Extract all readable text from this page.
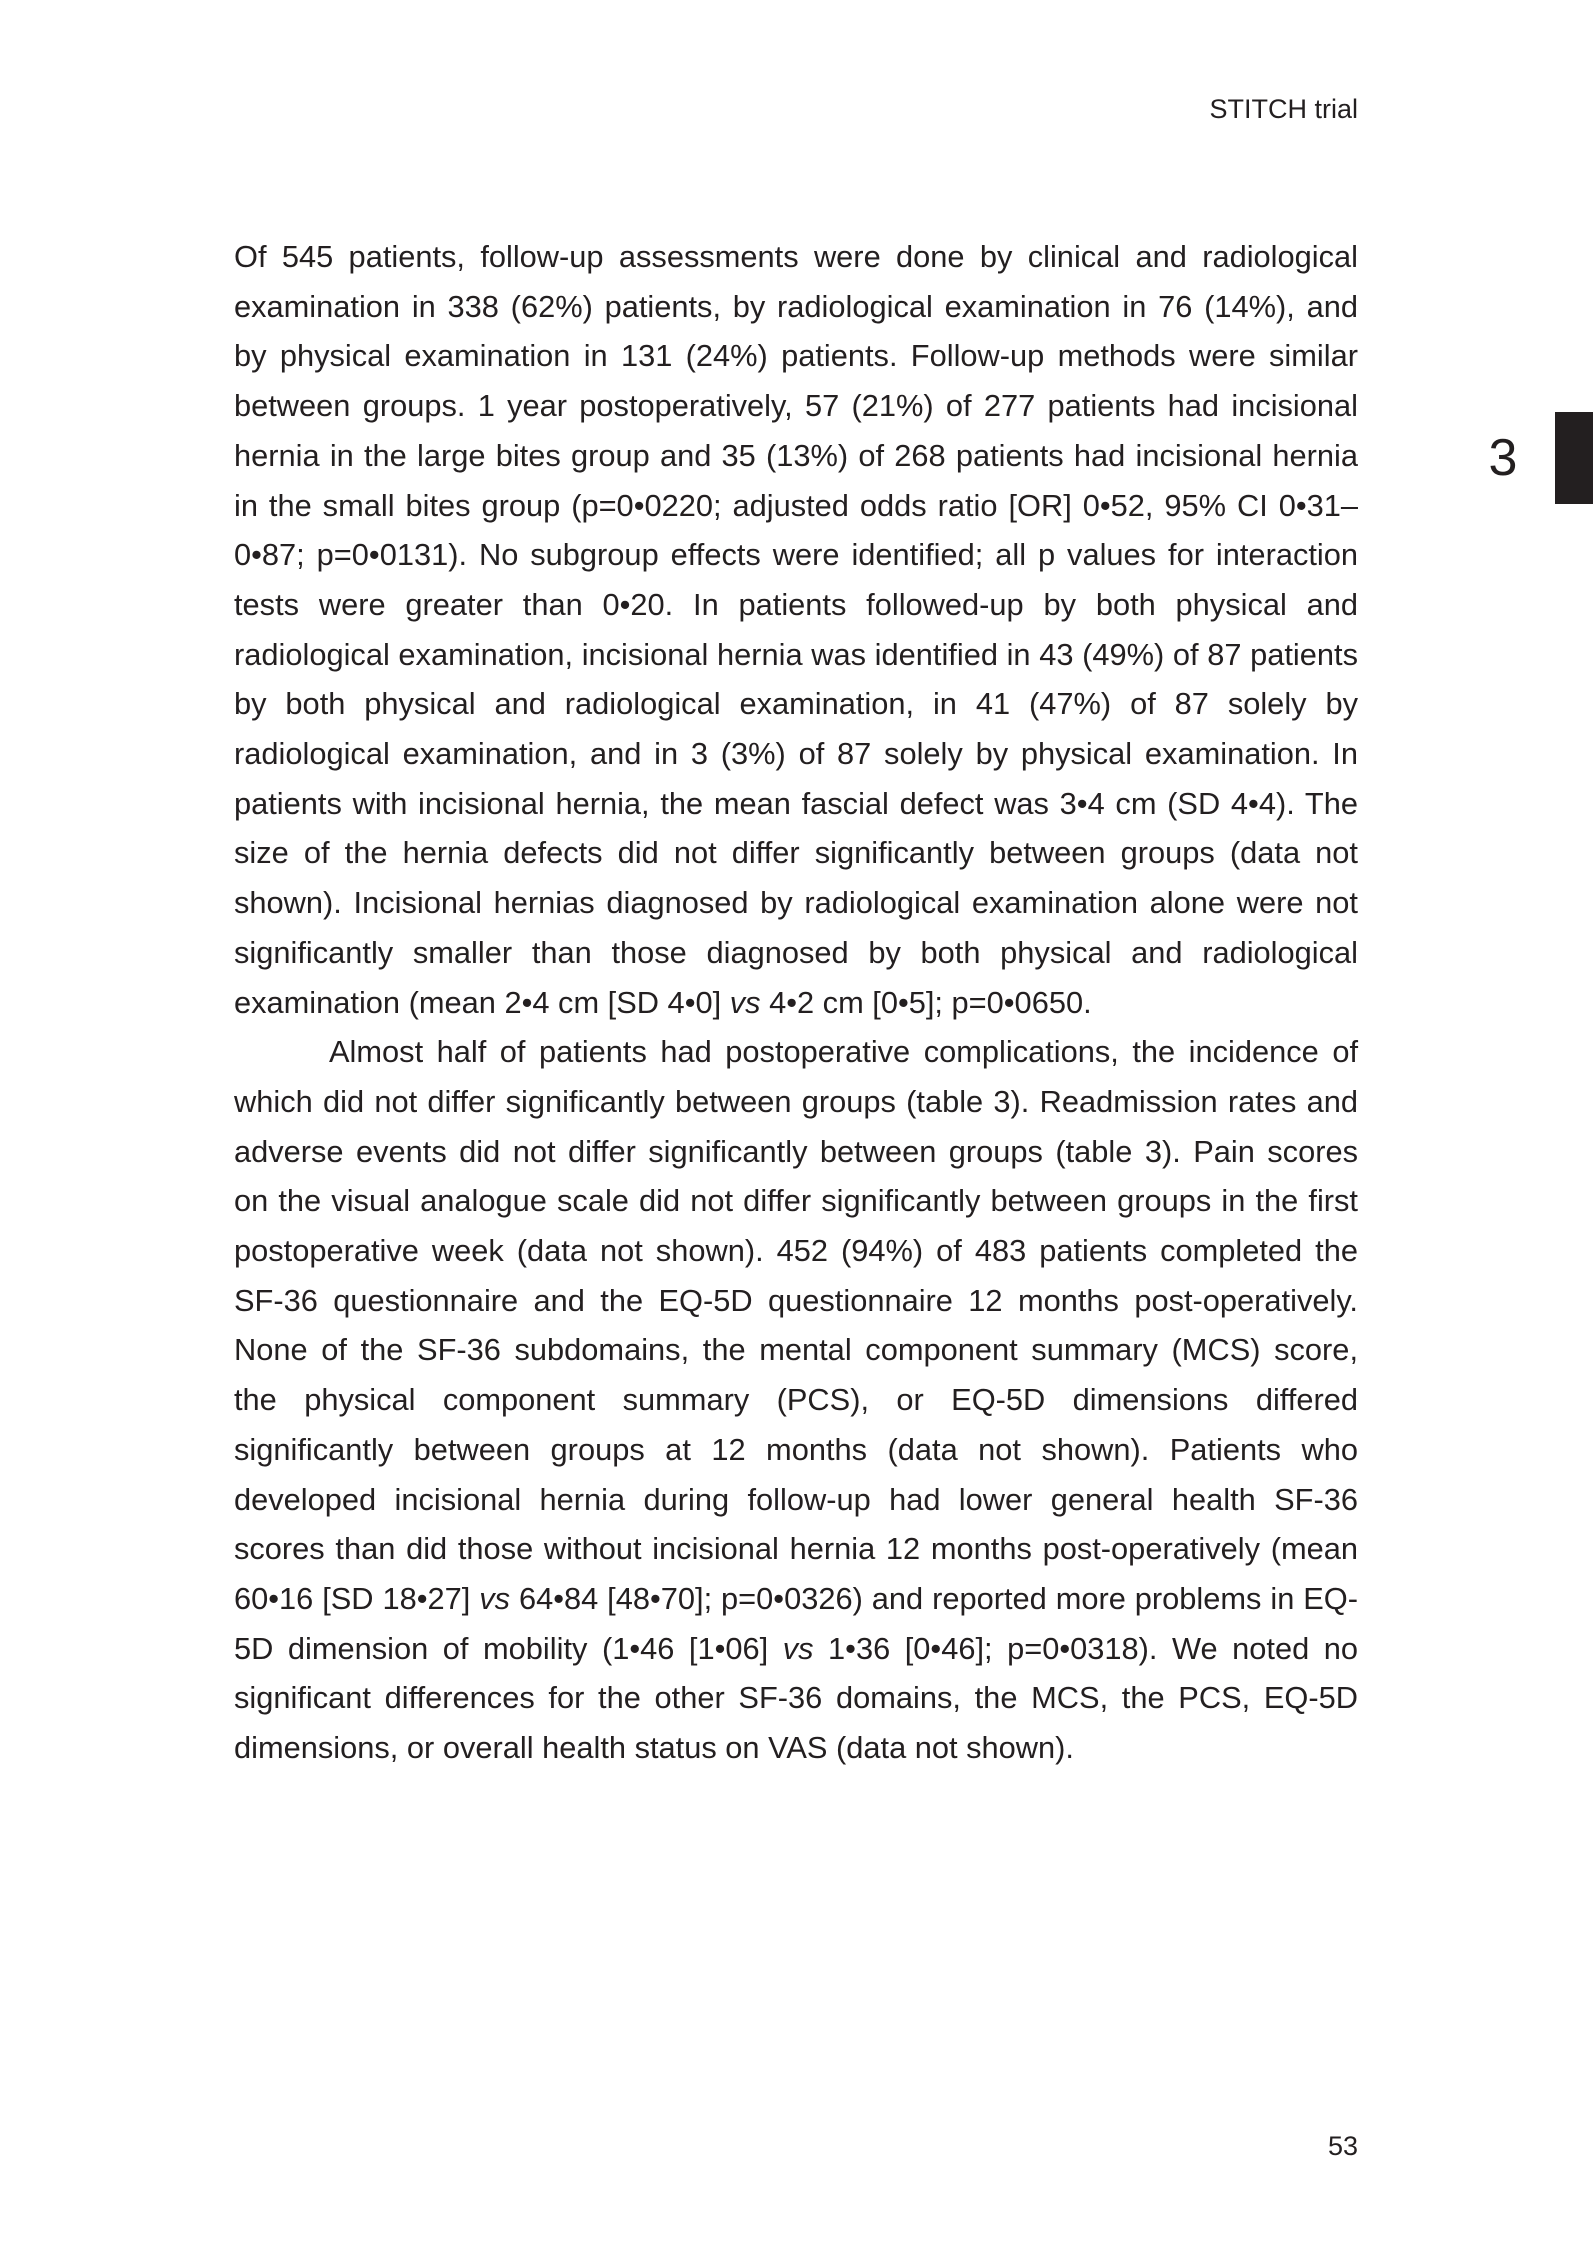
STITCH trial
3

Of 545 patients, follow-up assessments were done by clinical and radiological examination in 338 (62%) patients, by radiological examination in 76 (14%), and by physical examination in 131 (24%) patients. Follow-up methods were similar between groups. 1 year postoperatively, 57 (21%) of 277 patients had incisional hernia in the large bites group and 35 (13%) of 268 patients had incisional hernia in the small bites group (p=0•0220; adjusted odds ratio [OR] 0•52, 95% CI 0•31–0•87; p=0•0131). No subgroup effects were identified; all p values for interaction tests were greater than 0•20. In patients followed-up by both physical and radiological examination, incisional hernia was identified in 43 (49%) of 87 patients by both physical and radiological examination, in 41 (47%) of 87 solely by radiological examination, and in 3 (3%) of 87 solely by physical examination. In patients with incisional hernia, the mean fascial defect was 3•4 cm (SD 4•4). The size of the hernia defects did not differ significantly between groups (data not shown). Incisional hernias diagnosed by radiological examination alone were not significantly smaller than those diagnosed by both physical and radiological examination (mean 2•4 cm [SD 4•0] vs 4•2 cm [0•5]; p=0•0650.

Almost half of patients had postoperative complications, the incidence of which did not differ significantly between groups (table 3). Readmission rates and adverse events did not differ significantly between groups (table 3). Pain scores on the visual analogue scale did not differ significantly between groups in the first postoperative week (data not shown). 452 (94%) of 483 patients completed the SF-36 questionnaire and the EQ-5D questionnaire 12 months post-operatively. None of the SF-36 subdomains, the mental component summary (MCS) score, the physical component summary (PCS), or EQ-5D dimensions differed significantly between groups at 12 months (data not shown). Patients who developed incisional hernia during follow-up had lower general health SF-36 scores than did those without incisional hernia 12 months post-operatively (mean 60•16 [SD 18•27] vs 64•84 [48•70]; p=0•0326) and reported more problems in EQ-5D dimension of mobility (1•46 [1•06] vs 1•36 [0•46]; p=0•0318). We noted no significant differences for the other SF-36 domains, the MCS, the PCS, EQ-5D dimensions, or overall health status on VAS (data not shown).

53
